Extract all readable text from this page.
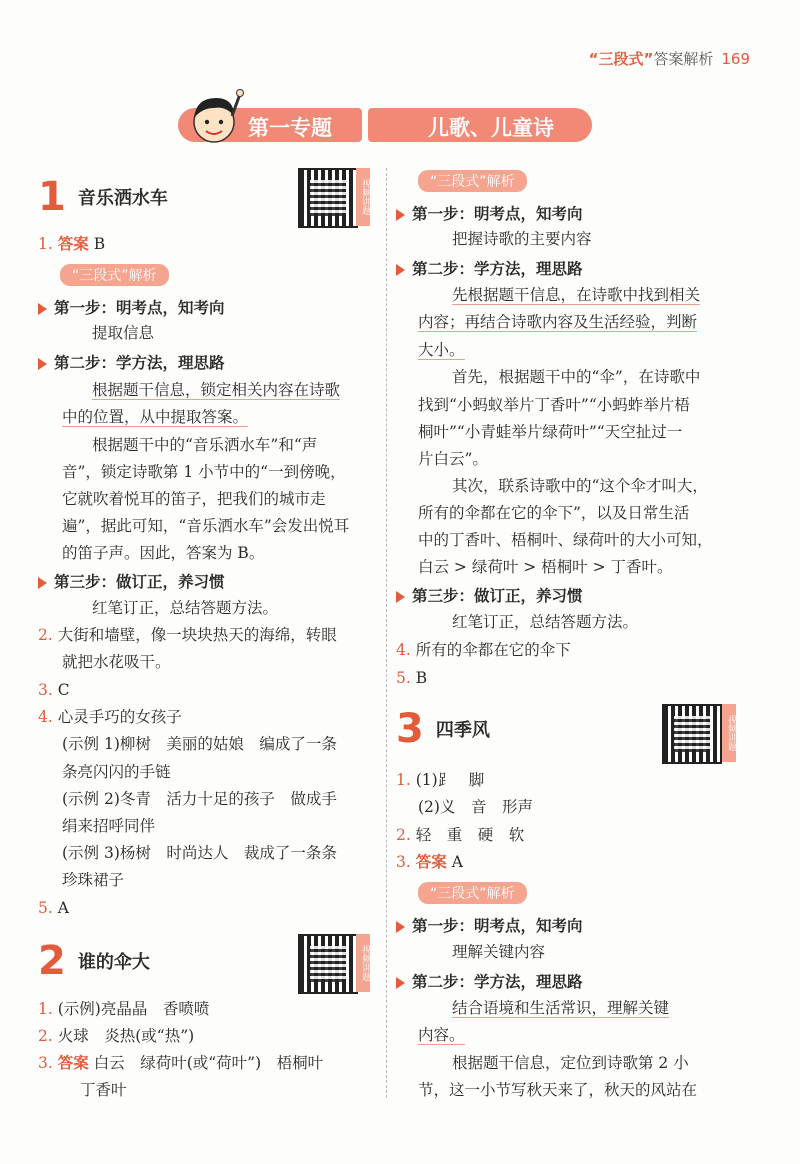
“三段式”答案解析 169
第一专题	儿歌、儿童诗
1 音乐洒水车	视频讲题
1. 答案 B
“三段式”解析
第一步：明考点，知考向
提取信息
第二步：学方法，理思路
根据题干信息，锁定相关内容在诗歌
中的位置，从中提取答案。
根据题干中的“音乐洒水车”和“声
音”，锁定诗歌第 1 小节中的“一到傍晚，
它就吹着悦耳的笛子，把我们的城市走
遍”，据此可知，“音乐洒水车”会发出悦耳
的笛子声。因此，答案为 B。
第三步：做订正，养习惯
红笔订正，总结答题方法。
2. 大街和墙壁，像一块块热天的海绵，转眼
就把水花吸干。
3. C
4. 心灵手巧的女孩子
(示例 1)柳树　美丽的姑娘　编成了一条
条亮闪闪的手链
(示例 2)冬青　活力十足的孩子　做成手
绢来招呼同伴
(示例 3)杨树　时尚达人　裁成了一条条
珍珠裙子
5. A
2 谁的伞大	视频讲题
1. (示例)亮晶晶　香喷喷
2. 火球　炎热(或“热”)
3. 答案 白云　绿荷叶(或“荷叶”)　梧桐叶
丁香叶
“三段式”解析
第一步：明考点，知考向
把握诗歌的主要内容
第二步：学方法，理思路
先根据题干信息，在诗歌中找到相关
内容；再结合诗歌内容及生活经验，判断
大小。
首先，根据题干中的“伞”，在诗歌中
找到“小蚂蚁举片丁香叶”“小蚂蚱举片梧
桐叶”“小青蛙举片绿荷叶”“天空扯过一
片白云”。
其次，联系诗歌中的“这个伞才叫大，
所有的伞都在它的伞下”，以及日常生活
中的丁香叶、梧桐叶、绿荷叶的大小可知，
白云 > 绿荷叶 > 梧桐叶 > 丁香叶。
第三步：做订正，养习惯
红笔订正，总结答题方法。
4. 所有的伞都在它的伞下
5. B
3 四季风	视频讲题
1. (1)⻊　脚
(2)义　音　形声
2. 轻　重　硬　软
3. 答案 A
“三段式”解析
第一步：明考点，知考向
理解关键内容
第二步：学方法，理思路
结合语境和生活常识，理解关键
内容。
根据题干信息，定位到诗歌第 2 小
节，这一小节写秋天来了，秋天的风站在
